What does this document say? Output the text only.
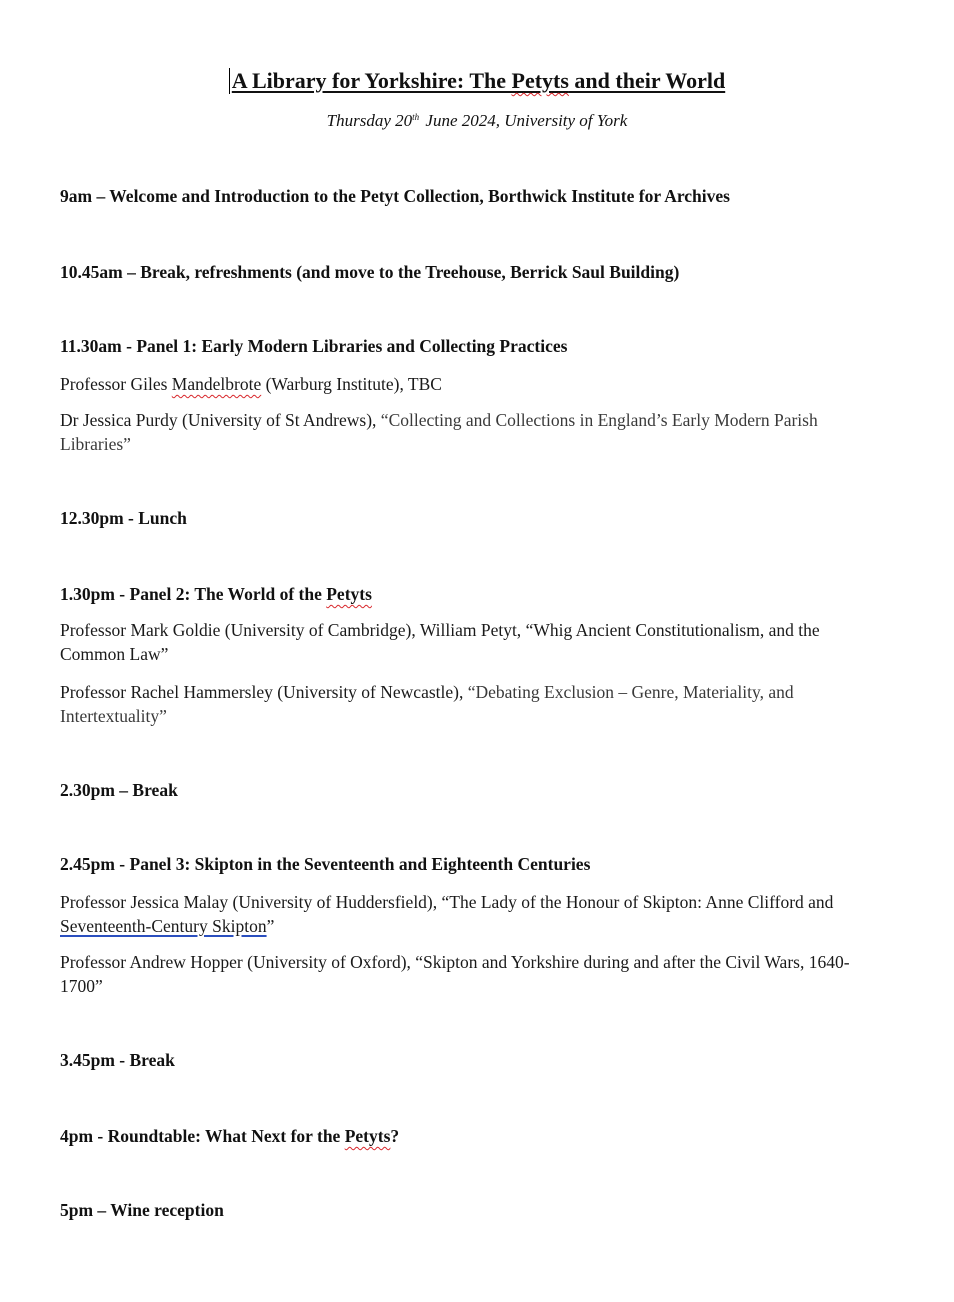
A Library for Yorkshire: The Petyts and their World
Thursday 20th June 2024, University of York
9am – Welcome and Introduction to the Petyt Collection, Borthwick Institute for Archives
10.45am – Break, refreshments (and move to the Treehouse, Berrick Saul Building)
11.30am - Panel 1: Early Modern Libraries and Collecting Practices
Professor Giles Mandelbrote (Warburg Institute), TBC
Dr Jessica Purdy (University of St Andrews), “Collecting and Collections in England’s Early Modern Parish Libraries”
12.30pm - Lunch
1.30pm - Panel 2: The World of the Petyts
Professor Mark Goldie (University of Cambridge), William Petyt, “Whig Ancient Constitutionalism, and the Common Law”
Professor Rachel Hammersley (University of Newcastle), “Debating Exclusion – Genre, Materiality, and Intertextuality”
2.30pm – Break
2.45pm - Panel 3: Skipton in the Seventeenth and Eighteenth Centuries
Professor Jessica Malay (University of Huddersfield), “The Lady of the Honour of Skipton: Anne Clifford and Seventeenth-Century Skipton”
Professor Andrew Hopper (University of Oxford), “Skipton and Yorkshire during and after the Civil Wars, 1640-1700”
3.45pm - Break
4pm - Roundtable: What Next for the Petyts?
5pm – Wine reception
